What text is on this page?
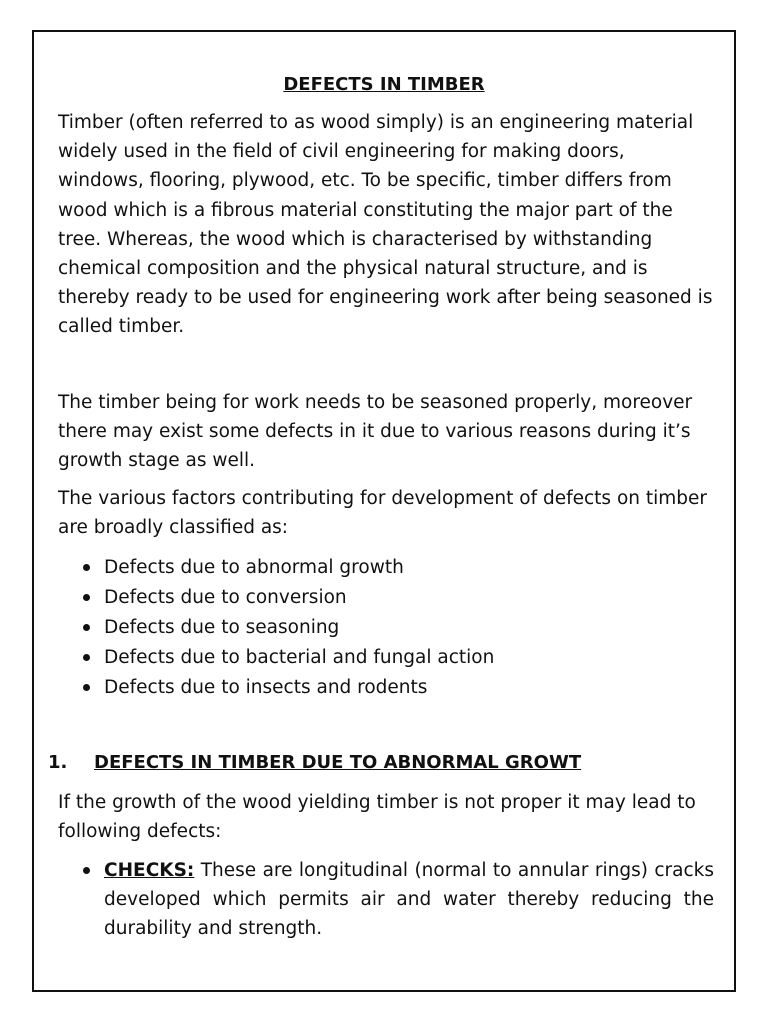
DEFECTS IN TIMBER

Timber (often referred to as wood simply) is an engineering material widely used in the field of civil engineering for making doors, windows, flooring, plywood, etc. To be specific, timber differs from wood which is a fibrous material constituting the major part of the tree. Whereas, the wood which is characterised by withstanding chemical composition and the physical natural structure, and is thereby ready to be used for engineering work after being seasoned is called timber.

The timber being for work needs to be seasoned properly, moreover there may exist some defects in it due to various reasons during it’s growth stage as well.

The various factors contributing for development of defects on timber are broadly classified as:

Defects due to abnormal growth
Defects due to conversion
Defects due to seasoning
Defects due to bacterial and fungal action
Defects due to insects and rodents
1. DEFECTS IN TIMBER DUE TO ABNORMAL GROWT

If the growth of the wood yielding timber is not proper it may lead to following defects:

CHECKS: These are longitudinal (normal to annular rings) cracks developed which permits air and water thereby reducing the durability and strength.
